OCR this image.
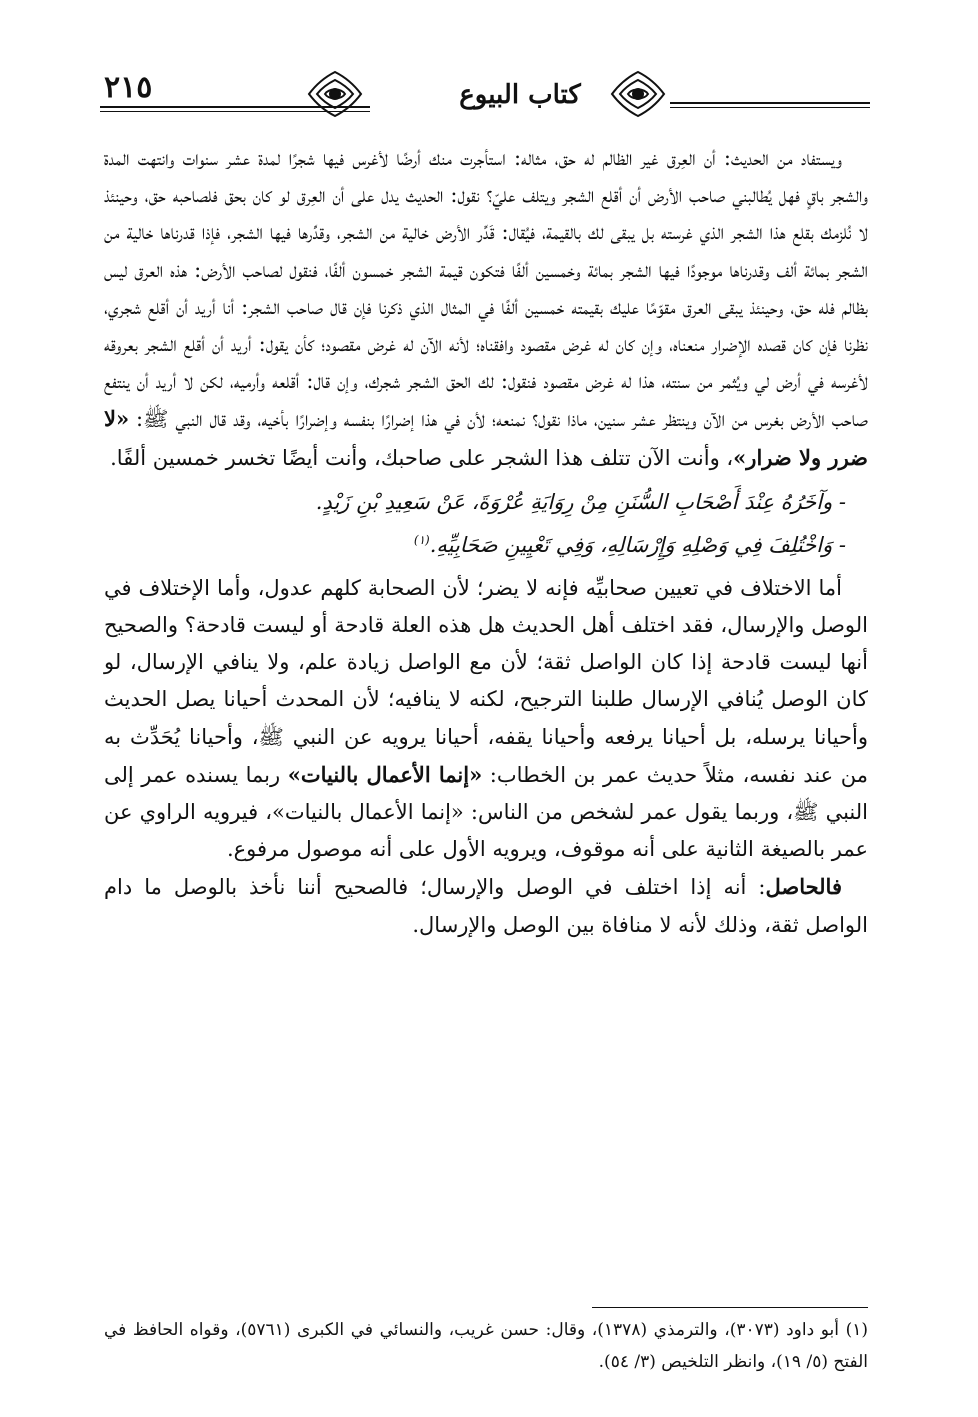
٢١٥	كتاب البيوع

ويستفاد من الحديث: أن العِرق غير الظالم له حق، مثاله: استأجرت منك أرضًا لأغرس فيها شجرًا لمدة عشر سنوات وانتهت المدة والشجر باقٍ فهل يُطالبني صاحب الأرض أن أقلع الشجر ويتلف عليّ؟ نقول: الحديث يدل على أن العِرق لو كان بحق فلصاحبه حق، وحينئذ لا نُلزمك بقلع هذا الشجر الذي غرسته بل يبقى لك بالقيمة، فيُقال: قَدِّر الأرض خالية من الشجر، وقدِّرها فيها الشجر، فإذا قدرناها خالية من الشجر بمائة ألف وقدرناها موجودًا فيها الشجر بمائة وخمسين ألفًا فتكون قيمة الشجر خمسون ألفًا، فنقول لصاحب الأرض: هذه العرق ليس بظالم فله حق، وحينئذ يبقى العرق مقوّمًا عليك بقيمته خمسين ألفًا في المثال الذي ذكرنا فإن قال صاحب الشجر: أنا أريد أن أقلع شجري، نظرنا فإن كان قصده الإضرار منعناه، وإن كان له غرض مقصود وافقناه؛ لأنه الآن له غرض مقصود؛ كأن يقول: أريد أن أقلع الشجر بعروقه لأغرسه في أرض لي ويُثمر من سنته، هذا له غرض مقصود فنقول: لك الحق الشجر شجرك، وإن قال: أقلعه وأرميه، لكن لا أريد أن ينتفع صاحب الأرض بغرس من الآن وينتظر عشر سنين، ماذا نقول؟ نمنعه؛ لأن في هذا إضرارًا بنفسه وإضرارًا بأخيه، وقد قال النبي ﷺ: «لا ضرر ولا ضرار»، وأنت الآن تتلف هذا الشجر على صاحبك، وأنت أيضًا تخسر خمسين ألفًا.

- وآخَرُهُ عِنْدَ أَصْحَابِ السُّنَنِ مِنْ رِوَايَةِ عُرْوَةَ، عَنْ سَعِيدِ بْنِ زَيْدٍ.

- وَاخْتُلِفَ فِي وَصْلِهِ وَإِرْسَالِهِ، وَفِي تَعْيِينِ صَحَابِيِّهِ.$^{(١)}$

أما الاختلاف في تعيين صحابيِّه فإنه لا يضر؛ لأن الصحابة كلهم عدول، وأما الإختلاف في الوصل والإرسال، فقد اختلف أهل الحديث هل هذه العلة قادحة أو ليست قادحة؟ والصحيح أنها ليست قادحة إذا كان الواصل ثقة؛ لأن مع الواصل زيادة علم، ولا ينافي الإرسال، لو كان الوصل يُنافي الإرسال طلبنا الترجيح، لكنه لا ينافيه؛ لأن المحدث أحيانا يصل الحديث وأحيانا يرسله، بل أحيانا يرفعه وأحيانا يقفه، أحيانا يرويه عن النبي ﷺ، وأحيانا يُحَدِّث به من عند نفسه، مثلاً حديث عمر بن الخطاب: «إنما الأعمال بالنيات» ربما يسنده عمر إلى النبي ﷺ، وربما يقول عمر لشخص من الناس: «إنما الأعمال بالنيات»، فيرويه الراوي عن عمر بالصيغة الثانية على أنه موقوف، ويرويه الأول على أنه موصول مرفوع.

فالحاصل: أنه إذا اختلف في الوصل والإرسال؛ فالصحيح أننا نأخذ بالوصل ما دام الواصل ثقة، وذلك لأنه لا منافاة بين الوصل والإرسال.

(١) أبو داود (٣٠٧٣)، والترمذي (١٣٧٨)، وقال: حسن غريب، والنسائي في الكبرى (٥٧٦١)، وقواه الحافظ في الفتح (٥/ ١٩)، وانظر التلخيص (٣/ ٥٤).
